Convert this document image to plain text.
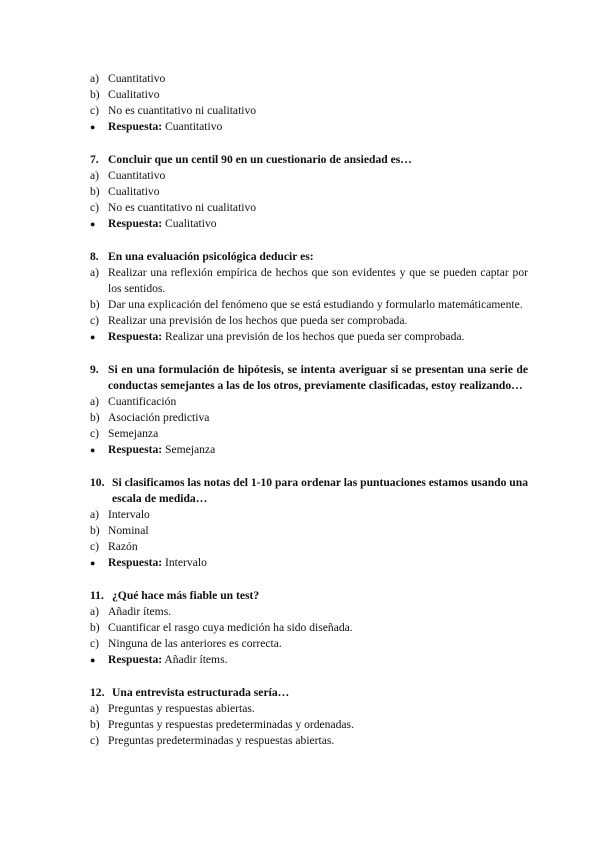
a) Cuantitativo
b) Cualitativo
c) No es cuantitativo ni cualitativo
●	Respuesta: Cuantitativo
7. Concluir que un centil 90 en un cuestionario de ansiedad es…
a) Cuantitativo
b) Cualitativo
c) No es cuantitativo ni cualitativo
●	Respuesta: Cualitativo
8. En una evaluación psicológica deducir es:
a) Realizar una reflexión empírica de hechos que son evidentes y que se pueden captar por los sentidos.
b) Dar una explicación del fenómeno que se está estudiando y formularlo matemáticamente.
c) Realizar una previsión de los hechos que pueda ser comprobada.
●	Respuesta: Realizar una previsión de los hechos que pueda ser comprobada.
9. Si en una formulación de hipótesis, se intenta averiguar si se presentan una serie de conductas semejantes a las de los otros, previamente clasificadas, estoy realizando…
a) Cuantificación
b) Asociación predictiva
c) Semejanza
●	Respuesta: Semejanza
10. Si clasificamos las notas del 1-10 para ordenar las puntuaciones estamos usando una escala de medida…
a) Intervalo
b) Nominal
c) Razón
●	Respuesta: Intervalo
11. ¿Qué hace más fiable un test?
a) Añadir ítems.
b) Cuantificar el rasgo cuya medición ha sido diseñada.
c) Ninguna de las anteriores es correcta.
●	Respuesta: Añadir ítems.
12. Una entrevista estructurada sería…
a) Preguntas y respuestas abiertas.
b) Preguntas y respuestas predeterminadas y ordenadas.
c) Preguntas predeterminadas y respuestas abiertas.
